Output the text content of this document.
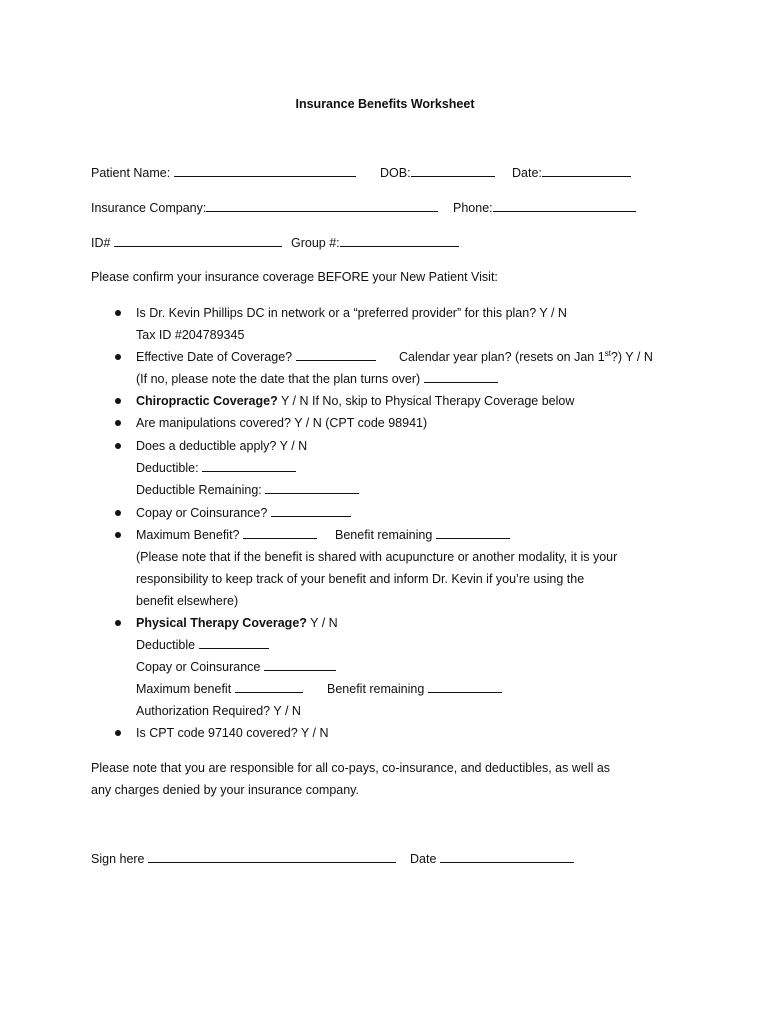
Insurance Benefits Worksheet
Patient Name:	DOB:	Date:
Insurance Company:	Phone:
ID#	Group #:
Please confirm your insurance coverage BEFORE your New Patient Visit:
Is Dr. Kevin Phillips DC in network or a “preferred provider” for this plan? Y / N
Tax ID #204789345
Effective Date of Coverage?	Calendar year plan? (resets on Jan 1st?) Y / N
(If no, please note the date that the plan turns over)
Chiropractic Coverage? Y / N If No, skip to Physical Therapy Coverage below
Are manipulations covered? Y / N (CPT code 98941)
Does a deductible apply? Y / N
Deductible:
Deductible Remaining:
Copay or Coinsurance?
Maximum Benefit?	Benefit remaining
(Please note that if the benefit is shared with acupuncture or another modality, it is your
responsibility to keep track of your benefit and inform Dr. Kevin if you’re using the
benefit elsewhere)
Physical Therapy Coverage? Y / N
Deductible
Copay or Coinsurance
Maximum benefit	Benefit remaining
Authorization Required? Y / N
Is CPT code 97140 covered? Y / N
Please note that you are responsible for all co-pays, co-insurance, and deductibles, as well as
any charges denied by your insurance company.
Sign here	Date
